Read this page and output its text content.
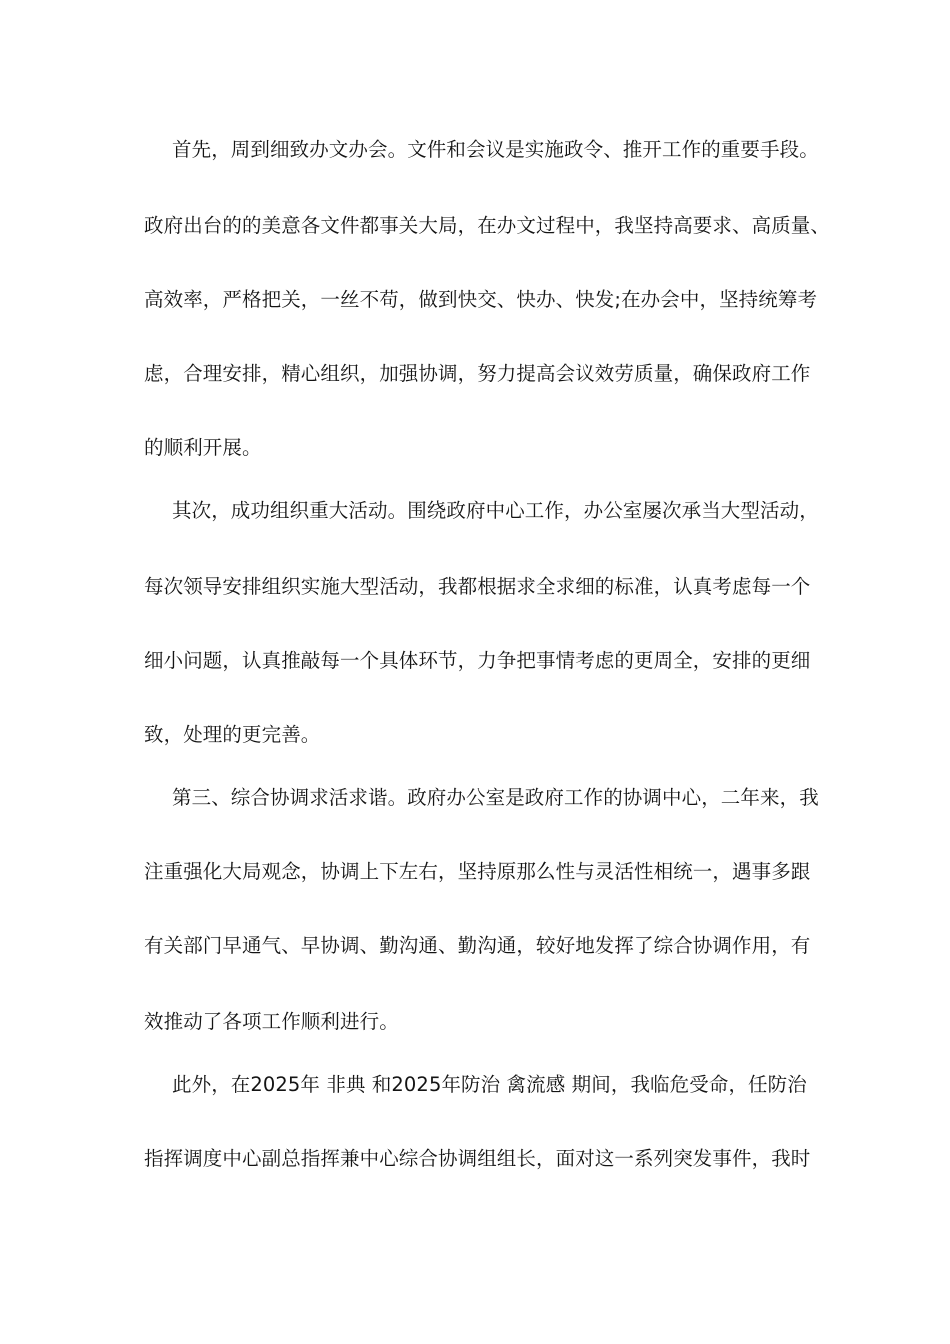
首先，周到细致办文办会。文件和会议是实施政令、推开工作的重要手段。
政府出台的的美意各文件都事关大局，在办文过程中，我坚持高要求、高质量、
高效率，严格把关，一丝不苟，做到快交、快办、快发;在办会中，坚持统筹考
虑，合理安排，精心组织，加强协调，努力提高会议效劳质量，确保政府工作
的顺利开展。
其次，成功组织重大活动。围绕政府中心工作，办公室屡次承当大型活动，
每次领导安排组织实施大型活动，我都根据求全求细的标准，认真考虑每一个
细小问题，认真推敲每一个具体环节，力争把事情考虑的更周全，安排的更细
致，处理的更完善。
第三、综合协调求活求谐。政府办公室是政府工作的协调中心，二年来，我
注重强化大局观念，协调上下左右，坚持原那么性与灵活性相统一，遇事多跟
有关部门早通气、早协调、勤沟通、勤沟通，较好地发挥了综合协调作用，有
效推动了各项工作顺利进行。
此外，在2025年 非典 和2025年防治 禽流感 期间，我临危受命，任防治
指挥调度中心副总指挥兼中心综合协调组组长，面对这一系列突发事件，我时
